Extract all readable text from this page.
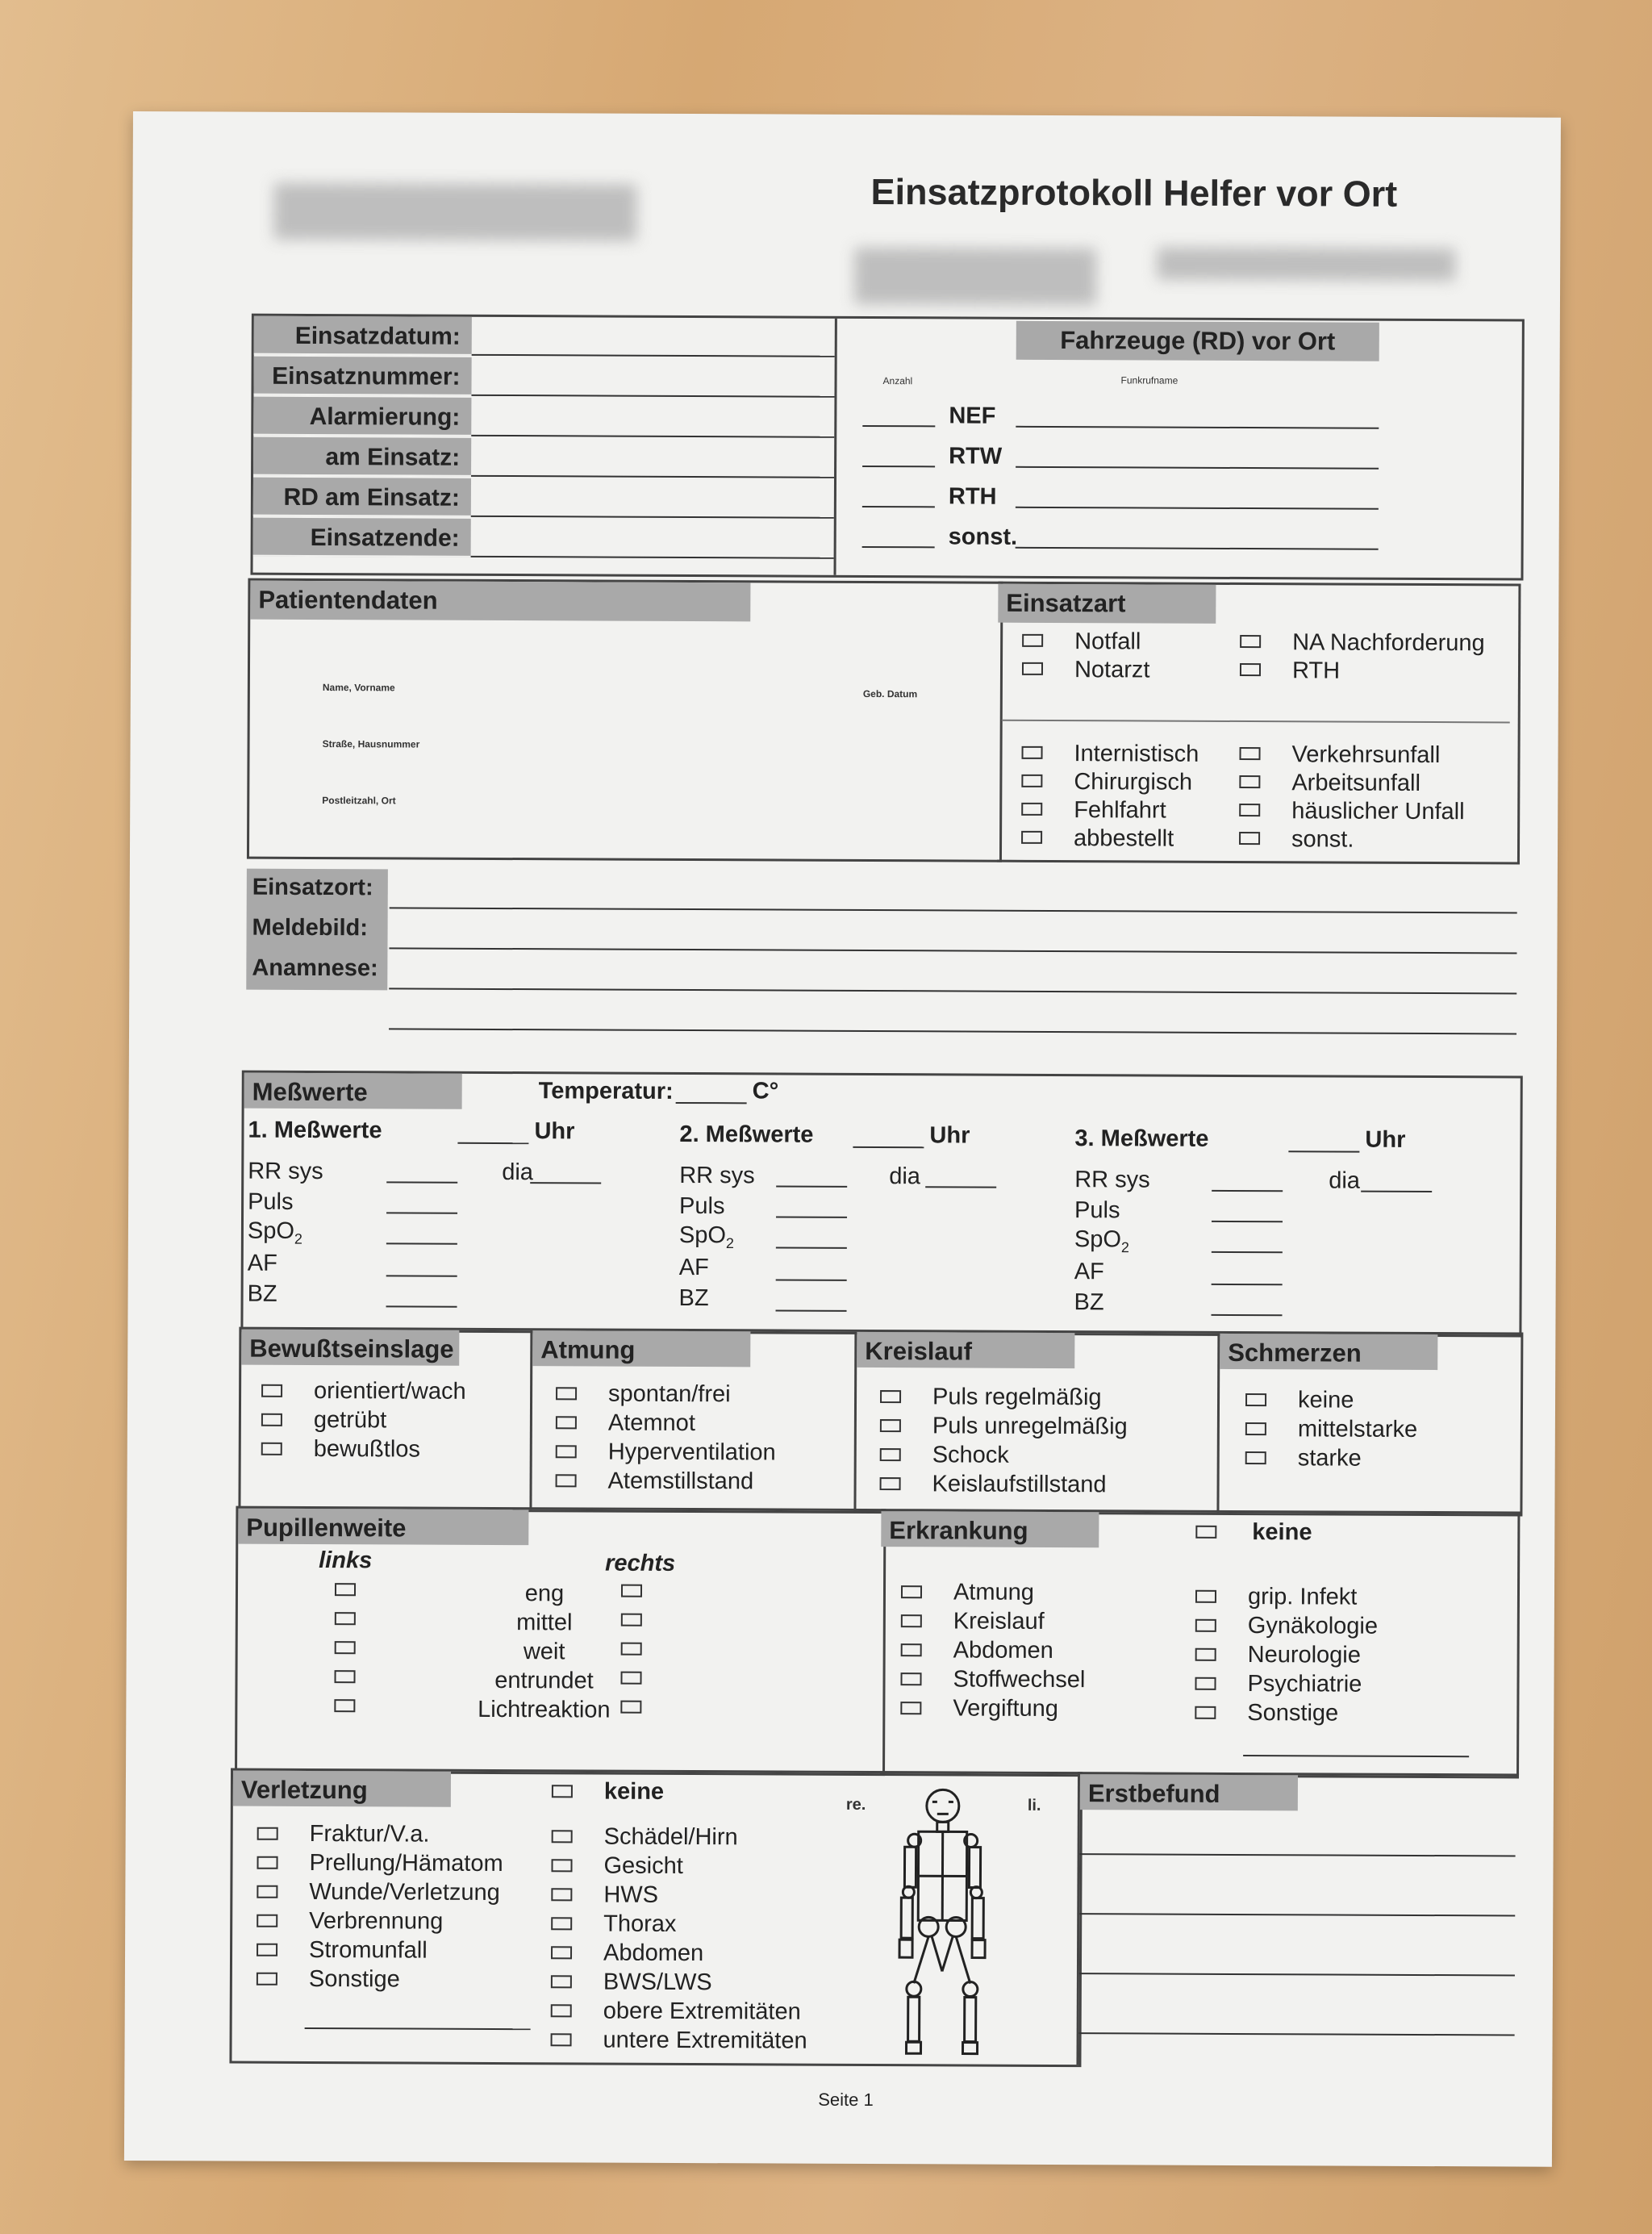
Einsatzprotokoll Helfer vor Ort
Einsatzdatum:
Einsatznummer:
Alarmierung:
am Einsatz:
RD am Einsatz:
Einsatzende:
Fahrzeuge (RD) vor Ort
Anzahl	Funkrufname
NEF
RTW
RTH
sonst.
Patientendaten
Name, Vorname
Geb. Datum
Straße, Hausnummer
Postleitzahl, Ort
Einsatzart
Notfall
Notarzt
NA Nachforderung
RTH
Internistisch
Chirurgisch
Fehlfahrt
abbestellt
Verkehrsunfall
Arbeitsunfall
häuslicher Unfall
sonst.
Einsatzort:
Meldebild:
Anamnese:
Meßwerte	Temperatur:	C°
1. Meßwerte	Uhr
RR sys	dia
Puls
SpO$_2$
AF
BZ
2. Meßwerte	Uhr
RR sys	dia
Puls
SpO$_2$
AF
BZ
3. Meßwerte	Uhr
RR sys	dia
Puls
SpO$_2$
AF
BZ
Bewußtseinslage
orientiert/wach
getrübt
bewußtlos
Atmung
spontan/frei
Atemnot
Hyperventilation
Atemstillstand
Kreislauf
Puls regelmäßig
Puls unregelmäßig
Schock
Keislaufstillstand
Schmerzen
keine
mittelstarke
starke
Pupillenweite
links	rechts
eng
mittel
weit
entrundet
Lichtreaktion
Erkrankung	keine
Atmung
Kreislauf
Abdomen
Stoffwechsel
Vergiftung
grip. Infekt
Gynäkologie
Neurologie
Psychiatrie
Sonstige
Verletzung	keine
Fraktur/V.a.
Prellung/Hämatom
Wunde/Verletzung
Verbrennung
Stromunfall
Sonstige
Schädel/Hirn
Gesicht
HWS
Thorax
Abdomen
BWS/LWS
obere Extremitäten
untere Extremitäten
re.	li.	Erstbefund
Seite 1
